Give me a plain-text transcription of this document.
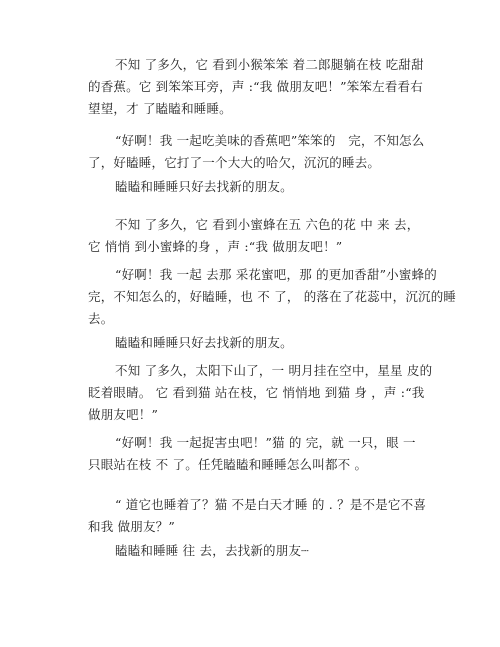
不知 了多久，它 看到小猴笨笨 着二郎腿躺在枝 吃甜甜
的香蕉。它 到笨笨耳旁，声 :“我 做朋友吧！”笨笨左看看右
望望，才 了瞌瞌和睡睡。

“好啊！我 一起吃美味的香蕉吧”笨笨的　完，不知怎么
了，好瞌睡，它打了一个大大的哈欠，沉沉的睡去。

瞌瞌和睡睡只好去找新的朋友。

不知 了多久，它 看到小蜜蜂在五 六色的花 中 来 去，
它 悄悄 到小蜜蜂的身 ，声 :“我 做朋友吧！”

“好啊！我 一起 去那 采花蜜吧，那 的更加香甜”小蜜蜂的
完，不知怎么的，好瞌睡，也 不 了， 的落在了花蕊中，沉沉的睡
去。

瞌瞌和睡睡只好去找新的朋友。

不知 了多久，太阳下山了，一 明月挂在空中，星星 皮的
眨着眼睛。 它 看到猫 站在枝，它 悄悄地 到猫 身 ，声 :“我
做朋友吧！”

“好啊！我 一起捉害虫吧！”猫 的 完，就 一只，眼 一
只眼站在枝 不 了。任凭瞌瞌和睡睡怎么叫都不 。

“ 道它也睡着了？猫 不是白天才睡 的 . ？是不是它不喜
和我 做朋友？”

瞌瞌和睡睡 往 去，去找新的朋友┈
